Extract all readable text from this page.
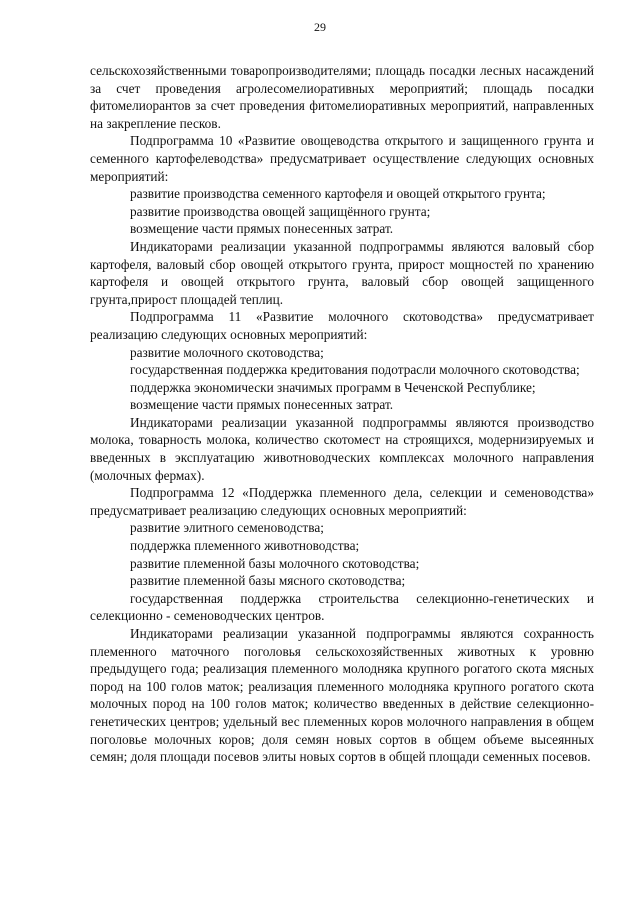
29

сельскохозяйственными товаропроизводителями; площадь посадки лесных насаждений за счет проведения агролесомелиоративных мероприятий; площадь посадки фитомелиорантов за счет проведения фитомелиоративных мероприятий, направленных на закрепление песков.

Подпрограмма 10 «Развитие овощеводства открытого и защищенного грунта и семенного картофелеводства» предусматривает осуществление следующих основных мероприятий:

развитие производства семенного картофеля и овощей открытого грунта;

развитие производства овощей защищённого грунта;

возмещение части прямых понесенных затрат.

Индикаторами реализации указанной подпрограммы являются валовый сбор картофеля, валовый сбор овощей открытого грунта, прирост мощностей по хранению картофеля и овощей открытого грунта, валовый сбор овощей защищенного грунта,прирост площадей теплиц.

Подпрограмма 11 «Развитие молочного скотоводства» предусматривает реализацию следующих основных мероприятий:

развитие молочного скотоводства;

государственная поддержка кредитования подотрасли молочного скотоводства;

поддержка экономически значимых программ в Чеченской Республике;

возмещение части прямых понесенных затрат.

Индикаторами реализации указанной подпрограммы являются производство молока, товарность молока, количество скотомест на строящихся, модернизируемых и введенных в эксплуатацию животноводческих комплексах молочного направления (молочных фермах).

Подпрограмма 12 «Поддержка племенного дела, селекции и семеноводства» предусматривает реализацию следующих основных мероприятий:

развитие элитного семеноводства;

поддержка племенного животноводства;

развитие племенной базы молочного скотоводства;

развитие племенной базы мясного скотоводства;

государственная поддержка строительства селекционно-генетических и селекционно - семеноводческих центров.

Индикаторами реализации указанной подпрограммы являются сохранность племенного маточного поголовья сельскохозяйственных животных к уровню предыдущего года; реализация племенного молодняка крупного рогатого скота мясных пород на 100 голов маток; реализация племенного молодняка крупного рогатого скота молочных пород на 100 голов маток; количество введенных в действие селекционно- генетических центров; удельный вес племенных коров молочного направления в общем поголовье молочных коров; доля семян новых сортов в общем объеме высеянных семян; доля площади посевов элиты новых сортов в общей площади семенных посевов.
